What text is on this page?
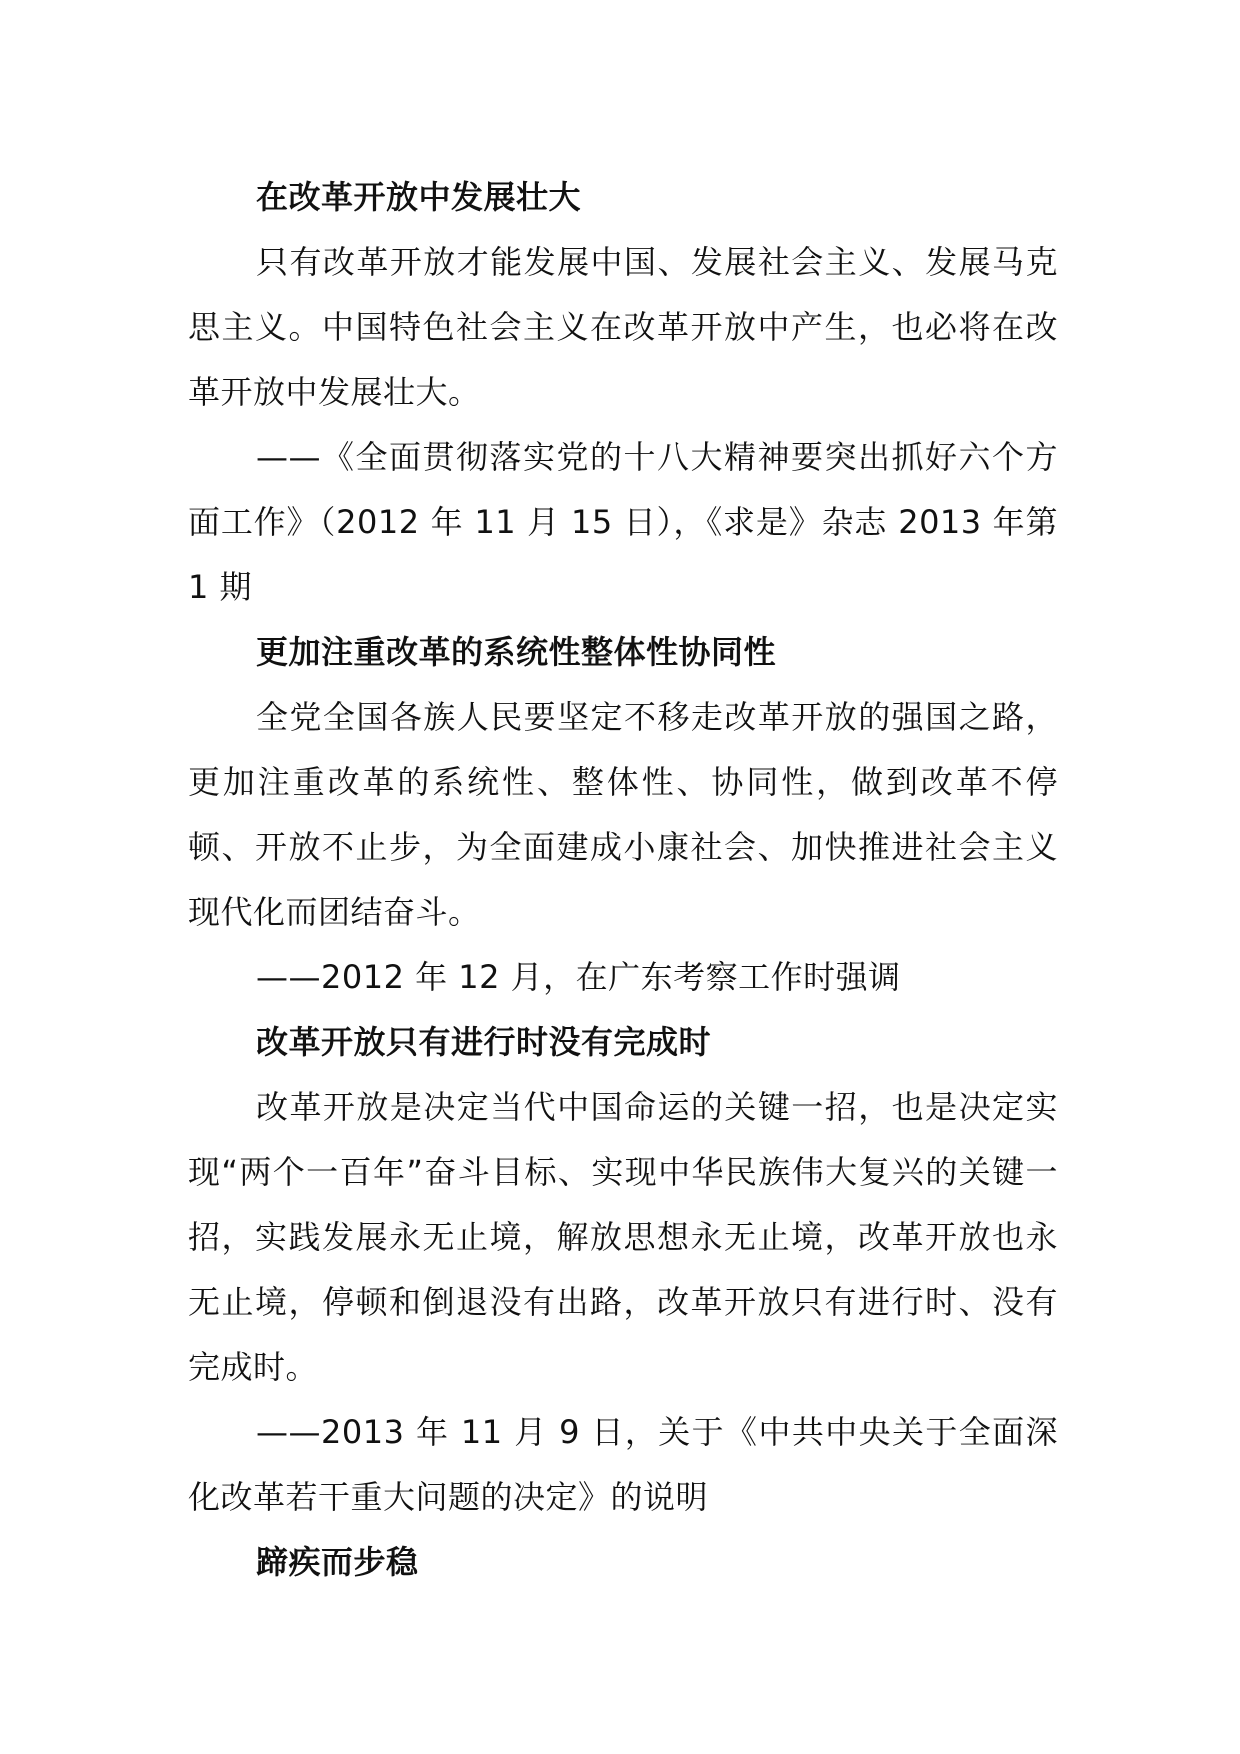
在改革开放中发展壮大

只有改革开放才能发展中国、发展社会主义、发展马克思主义。中国特色社会主义在改革开放中产生，也必将在改革开放中发展壮大。

——《全面贯彻落实党的十八大精神要突出抓好六个方面工作》（2012 年 11 月 15 日），《求是》杂志 2013 年第 1 期

更加注重改革的系统性整体性协同性

全党全国各族人民要坚定不移走改革开放的强国之路，更加注重改革的系统性、整体性、协同性，做到改革不停顿、开放不止步，为全面建成小康社会、加快推进社会主义现代化而团结奋斗。

——2012 年 12 月，在广东考察工作时强调

改革开放只有进行时没有完成时

改革开放是决定当代中国命运的关键一招，也是决定实现“两个一百年”奋斗目标、实现中华民族伟大复兴的关键一招，实践发展永无止境，解放思想永无止境，改革开放也永无止境，停顿和倒退没有出路，改革开放只有进行时、没有完成时。

——2013 年 11 月 9 日，关于《中共中央关于全面深化改革若干重大问题的决定》的说明

蹄疾而步稳
